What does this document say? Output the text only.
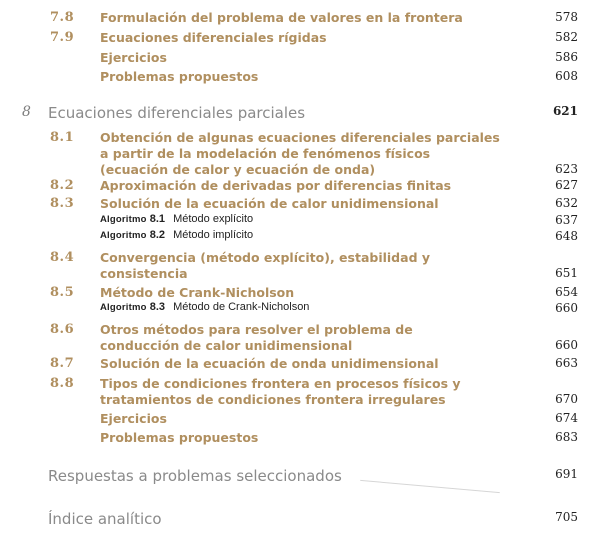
7.8 Formulación del problema de valores en la frontera	578
7.9 Ecuaciones diferenciales rígidas	582
Ejercicios	586
Problemas propuestos	608
8 Ecuaciones diferenciales parciales	621
8.1 Obtención de algunas ecuaciones diferenciales parciales a partir de la modelación de fenómenos físicos (ecuación de calor y ecuación de onda)	623
8.2 Aproximación de derivadas por diferencias finitas	627
8.3 Solución de la ecuación de calor unidimensional	632
Algoritmo 8.1 Método explícito	637
Algoritmo 8.2 Método implícito	648
8.4 Convergencia (método explícito), estabilidad y consistencia	651
8.5 Método de Crank-Nicholson	654
Algoritmo 8.3 Método de Crank-Nicholson	660
8.6 Otros métodos para resolver el problema de conducción de calor unidimensional	660
8.7 Solución de la ecuación de onda unidimensional	663
8.8 Tipos de condiciones frontera en procesos físicos y tratamientos de condiciones frontera irregulares	670
Ejercicios	674
Problemas propuestos	683
Respuestas a problemas seleccionados	691
Índice analítico	705
